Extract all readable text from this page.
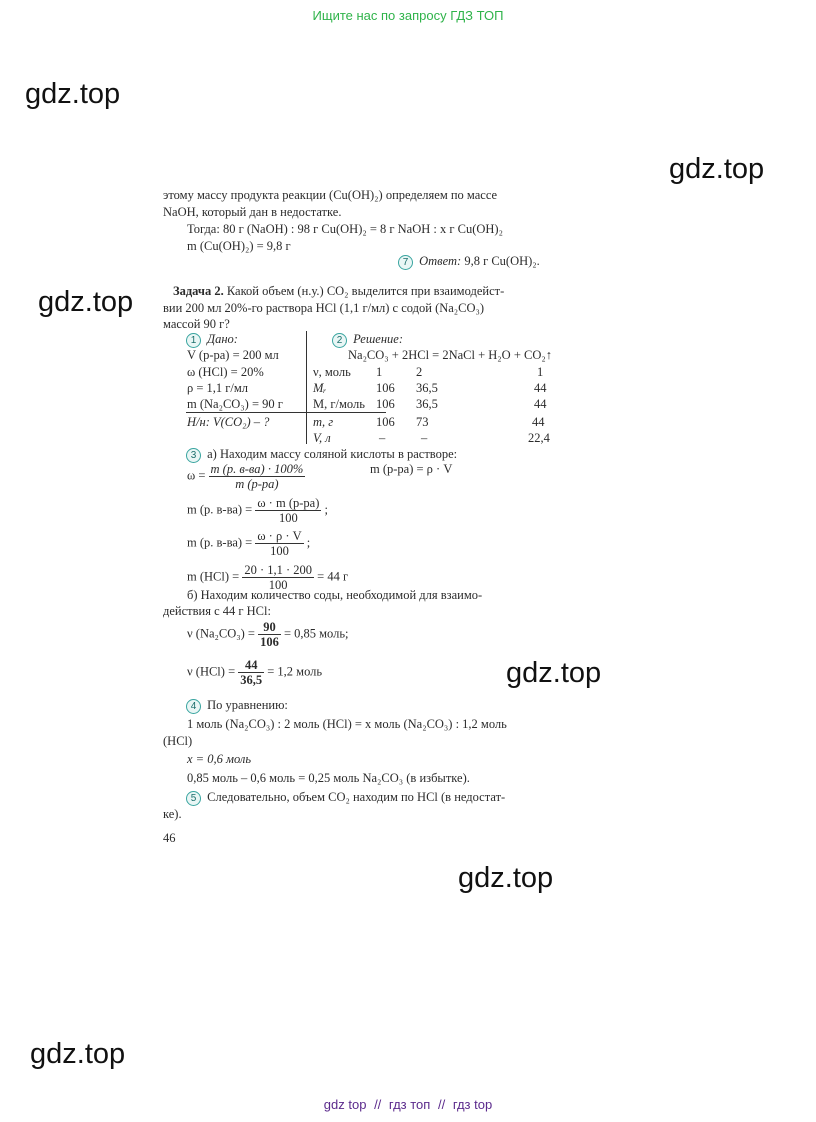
Ищите нас по запросу ГДЗ ТОП
gdz.top
gdz.top
gdz.top
gdz.top
gdz.top
gdz.top
этому массу продукта реакции (Cu(OH)₂) определяем по массе
NaOH, который дан в недостатке.
Тогда: 80 г (NaOH) : 98 г Cu(OH)₂ = 8 г NaOH : x г Cu(OH)₂
m (Cu(OH)₂) = 9,8 г
7 Ответ: 9,8 г Cu(OH)₂.
Задача 2. Какой объем (н.у.) CO₂ выделится при взаимодейст-
вии 200 мл 20%-го раствора HCl (1,1 г/мл) с содой (Na₂CO₃)
массой 90 г?
1 Дано:
V (р-ра) = 200 мл
ω (HCl) = 20%
ρ = 1,1 г/мл
m (Na₂CO₃) = 90 г
Н/н: V(CO₂) – ?
2 Решение:
Na₂CO₃ + 2HCl = 2NaCl + H₂O + CO₂↑
ν, моль 1	2	1
Mᵣ	106 36,5	44
M, г/моль 106 36,5	44
m, г	106 73	44
V, л	–	–	22,4
3 а) Находим массу соляной кислоты в растворе:
$\omega = \frac{m (р. в-ва) \cdot 100\%}{m (р-ра)}$	m (р-ра) = ρ · V
m (р. $в-ва) = \frac{\omega \cdot m (р-ра)}{100}$ ;
m (р. $в-ва) = \frac{\omega \cdot \rho \cdot V}{100}$ ;
m $(HCl) = \frac{20 \cdot 1,1 \cdot 200}{100} = 44$ г
б) Находим количество соды, необходимой для взаимо-
действия с 44 г HCl:
ν $(Na_2CO_3) = \frac{90}{106} = 0,85$ моль;
ν $(HCl) = \frac{44}{36,5} = 1,2$ моль
4 По уравнению:
1 моль (Na₂CO₃) : 2 моль (HCl) = x моль (Na₂CO₃) : 1,2 моль
(HCl)
x = 0,6 моль
0,85 моль – 0,6 моль = 0,25 моль Na₂CO₃ (в избытке).
5 Следовательно, объем CO₂ находим по HCl (в недостат-
ке).
46
gdz top // гдз топ // гдз top
